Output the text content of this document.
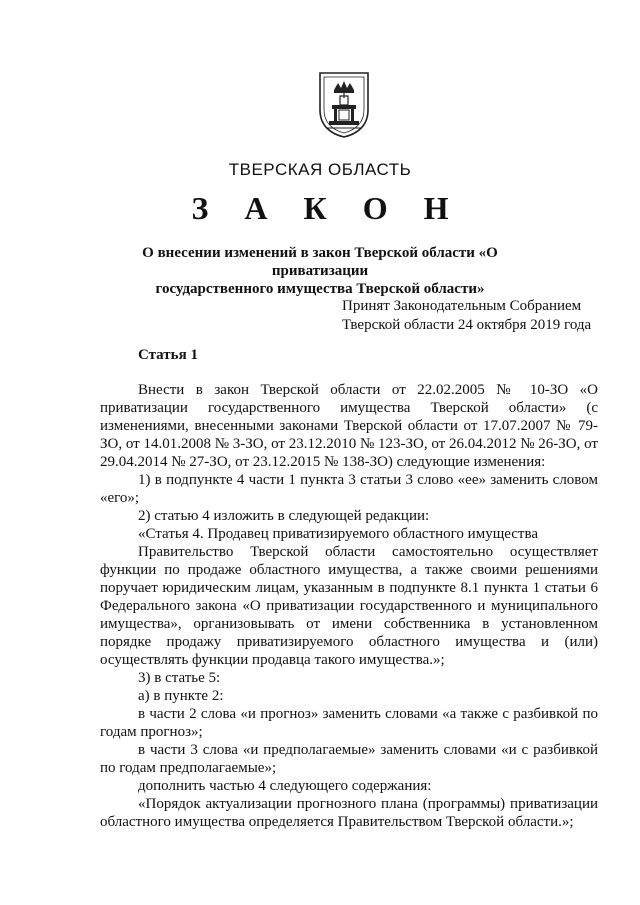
ТВЕРСКАЯ ОБЛАСТЬ
З А К О Н
О внесении изменений в закон Тверской области «О приватизации
государственного имущества Тверской области»
Принят Законодательным Собранием
Тверской области 24 октября 2019 года
Статья 1

Внести в закон Тверской области от 22.02.2005 № 10-ЗО «О приватизации государственного имущества Тверской области» (с изменениями, внесенными законами Тверской области от 17.07.2007 № 79-ЗО, от 14.01.2008 № 3-ЗО, от 23.12.2010 № 123-ЗО, от 26.04.2012 № 26-ЗО, от 29.04.2014 № 27-ЗО, от 23.12.2015 № 138-ЗО) следующие изменения:

1) в подпункте 4 части 1 пункта 3 статьи 3 слово «ее» заменить словом «его»;

2) статью 4 изложить в следующей редакции:

«Статья 4. Продавец приватизируемого областного имущества

Правительство Тверской области самостоятельно осуществляет функции по продаже областного имущества, а также своими решениями поручает юридическим лицам, указанным в подпункте 8.1 пункта 1 статьи 6 Федерального закона «О приватизации государственного и муниципального имущества», организовывать от имени собственника в установленном порядке продажу приватизируемого областного имущества и (или) осуществлять функции продавца такого имущества.»;

3) в статье 5:

а) в пункте 2:

в части 2 слова «и прогноз» заменить словами «а также с разбивкой по годам прогноз»;

в части 3 слова «и предполагаемые» заменить словами «и с разбивкой по годам предполагаемые»;

дополнить частью 4 следующего содержания:

«Порядок актуализации прогнозного плана (программы) приватизации областного имущества определяется Правительством Тверской области.»;
